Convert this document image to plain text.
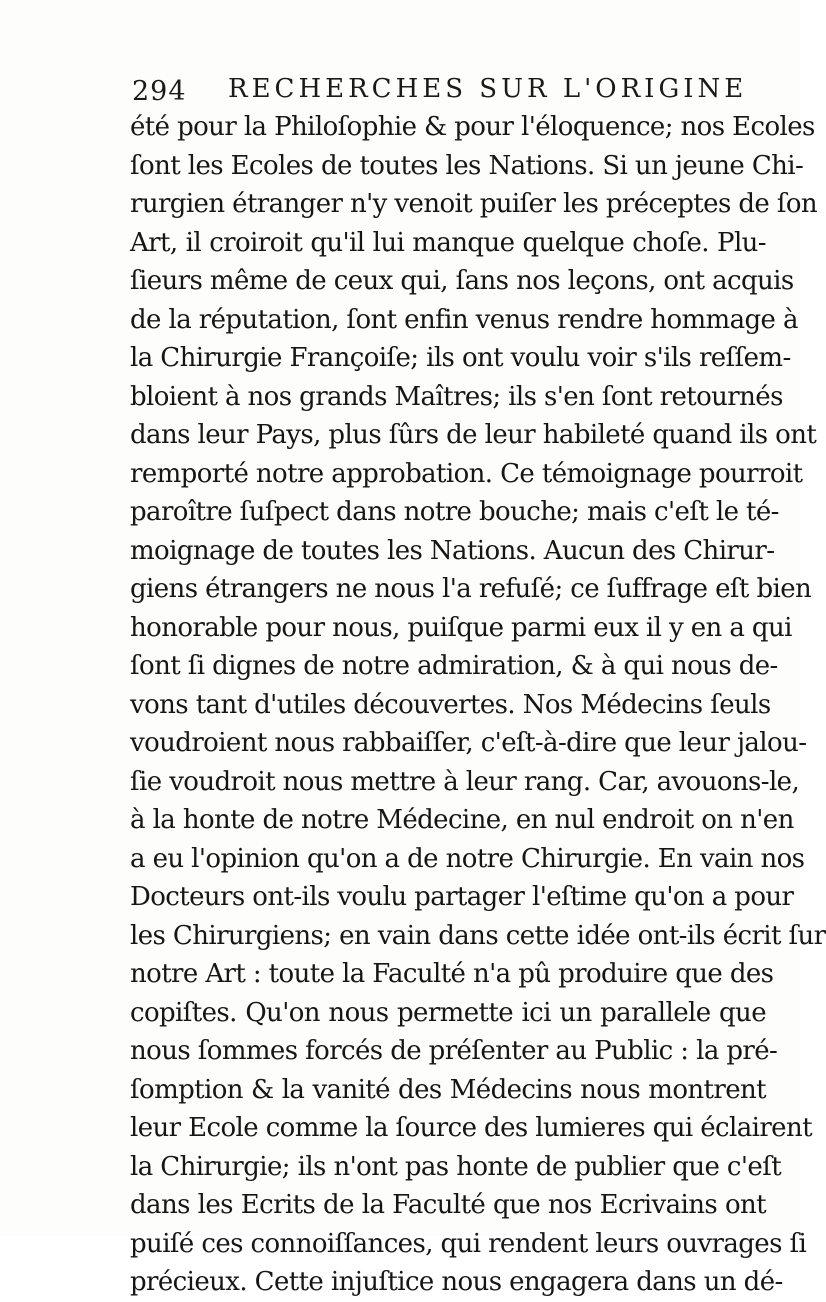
294 RECHERCHES SUR L'ORIGINE
été pour la Philoſophie & pour l'éloquence; nos Ecoles
ſont les Ecoles de toutes les Nations. Si un jeune Chi-
rurgien étranger n'y venoit puiſer les préceptes de ſon
Art, il croiroit qu'il lui manque quelque choſe. Plu-
ſieurs même de ceux qui, ſans nos leçons, ont acquis
de la réputation, ſont enfin venus rendre hommage à
la Chirurgie Françoiſe; ils ont voulu voir s'ils reſſem-
bloient à nos grands Maîtres; ils s'en ſont retournés
dans leur Pays, plus ſûrs de leur habileté quand ils ont
remporté notre approbation. Ce témoignage pourroit
paroître ſuſpect dans notre bouche; mais c'eſt le té-
moignage de toutes les Nations. Aucun des Chirur-
giens étrangers ne nous l'a refuſé; ce ſuffrage eſt bien
honorable pour nous, puiſque parmi eux il y en a qui
ſont ſi dignes de notre admiration, & à qui nous de-
vons tant d'utiles découvertes. Nos Médecins ſeuls
voudroient nous rabbaiſſer, c'eſt-à-dire que leur jalou-
ſie voudroit nous mettre à leur rang. Car, avouons-le,
à la honte de notre Médecine, en nul endroit on n'en
a eu l'opinion qu'on a de notre Chirurgie. En vain nos
Docteurs ont-ils voulu partager l'eſtime qu'on a pour
les Chirurgiens; en vain dans cette idée ont-ils écrit ſur
notre Art : toute la Faculté n'a pû produire que des
copiſtes. Qu'on nous permette ici un parallele que
nous ſommes forcés de préſenter au Public : la pré-
ſomption & la vanité des Médecins nous montrent
leur Ecole comme la ſource des lumieres qui éclairent
la Chirurgie; ils n'ont pas honte de publier que c'eſt
dans les Ecrits de la Faculté que nos Ecrivains ont
puiſé ces connoiſſances, qui rendent leurs ouvrages ſi
précieux. Cette injuſtice nous engagera dans un dé-
